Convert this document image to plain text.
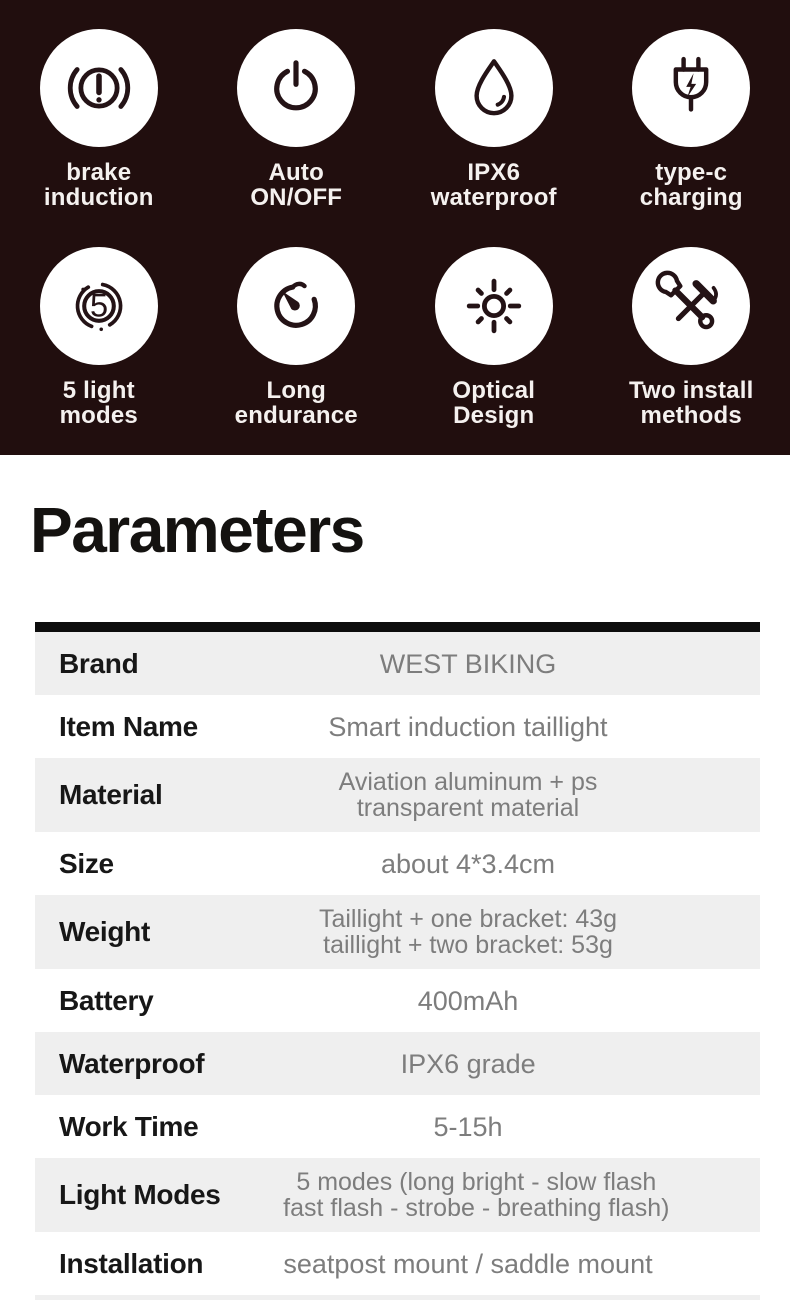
brake
induction
Auto
ON/OFF
IPX6
waterproof
type-c
charging
5
5 light
modes
Long
endurance
Optical
Design
Two install
methods
Parameters
Brand	WEST BIKING
Item Name	Smart induction taillight
Material	Aviation aluminum + ps
transparent material
Size	about 4*3.4cm
Weight	Taillight + one bracket: 43g
taillight + two bracket: 53g
Battery	400mAh
Waterproof	IPX6 grade
Work Time	5-15h
Light Modes	5 modes (long bright - slow flash
fast flash - strobe - breathing flash)
Installation	seatpost mount / saddle mount
